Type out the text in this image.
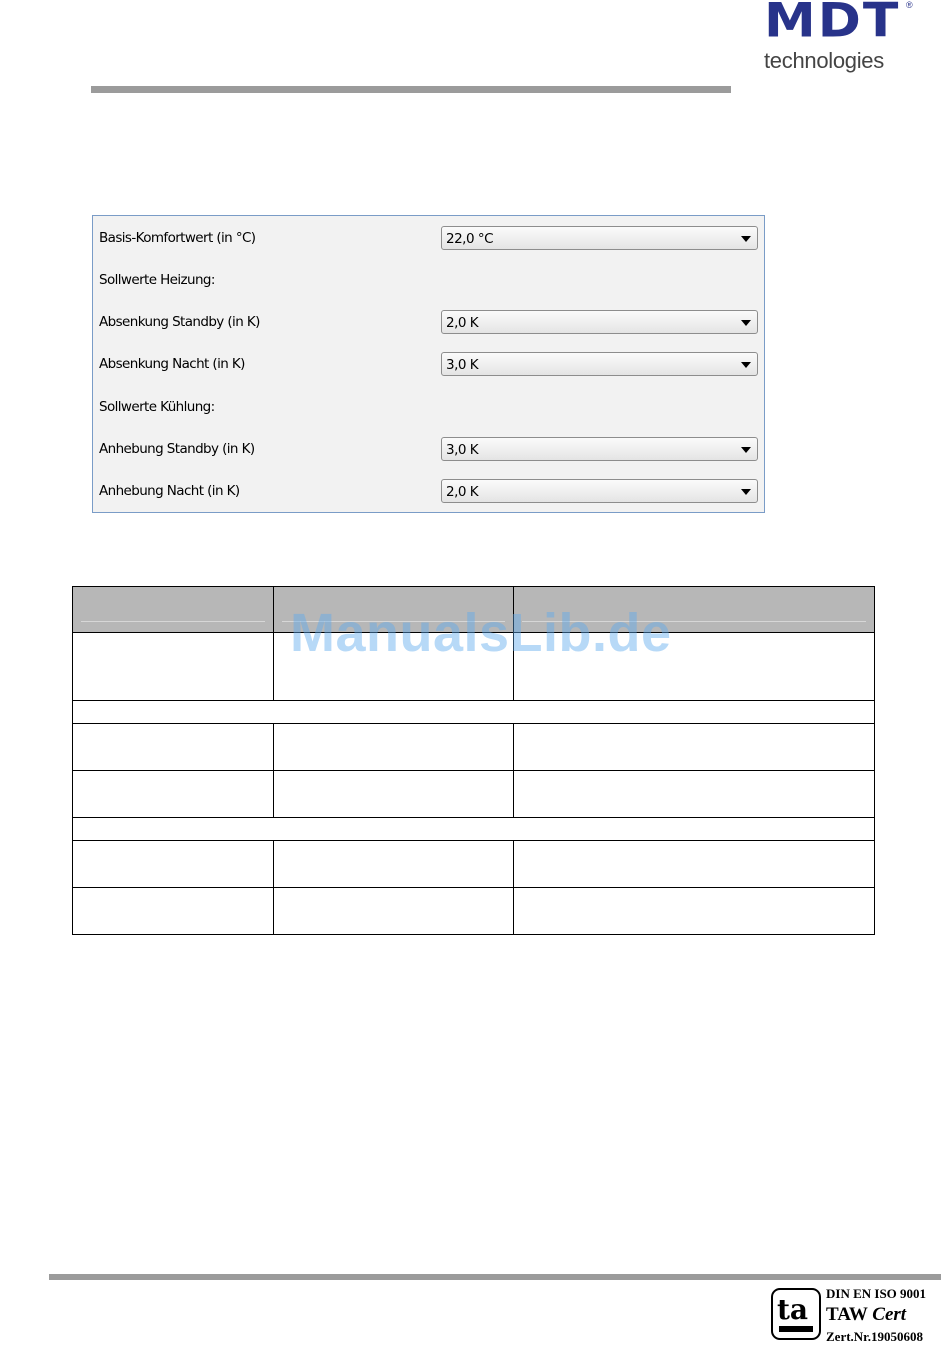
MDT ®
technologies
Basis-Komfortwert (in °C)	22,0 °C
Sollwerte Heizung:
Absenkung Standby (in K)	2,0 K
Absenkung Nacht (in K)	3,0 K
Sollwerte Kühlung:
Anhebung Standby (in K)	3,0 K
Anhebung Nacht (in K)	2,0 K

ManualsLib.de
ta DIN EN ISO 9001
TAW Cert
Zert.Nr.19050608
